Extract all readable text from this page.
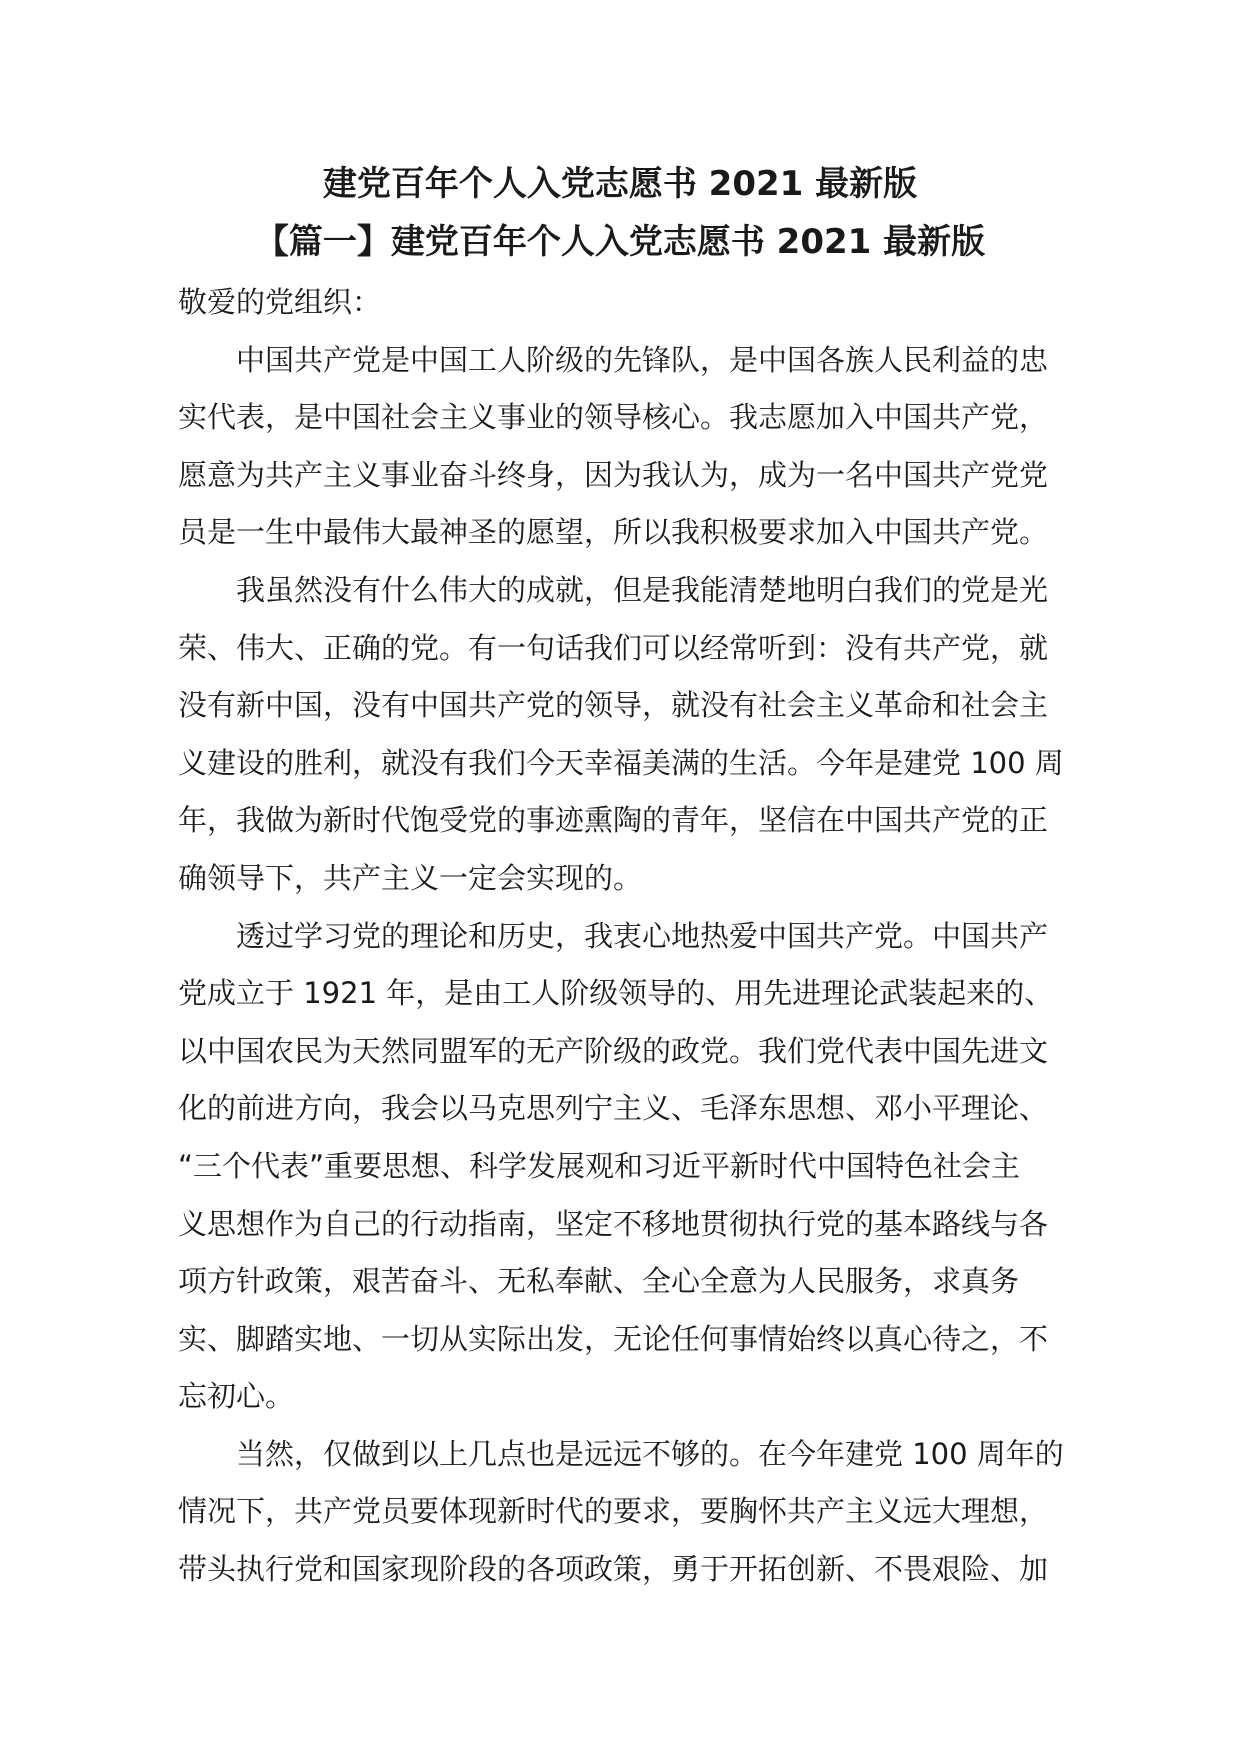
建党百年个人入党志愿书 2021 最新版
【篇一】建党百年个人入党志愿书 2021 最新版

敬爱的党组织：

中国共产党是中国工人阶级的先锋队，是中国各族人民利益的忠
实代表，是中国社会主义事业的领导核心。我志愿加入中国共产党，
愿意为共产主义事业奋斗终身，因为我认为，成为一名中国共产党党
员是一生中最伟大最神圣的愿望，所以我积极要求加入中国共产党。

我虽然没有什么伟大的成就，但是我能清楚地明白我们的党是光
荣、伟大、正确的党。有一句话我们可以经常听到：没有共产党，就
没有新中国，没有中国共产党的领导，就没有社会主义革命和社会主
义建设的胜利，就没有我们今天幸福美满的生活。今年是建党 100 周
年，我做为新时代饱受党的事迹熏陶的青年，坚信在中国共产党的正
确领导下，共产主义一定会实现的。

透过学习党的理论和历史，我衷心地热爱中国共产党。中国共产
党成立于 1921 年，是由工人阶级领导的、用先进理论武装起来的、
以中国农民为天然同盟军的无产阶级的政党。我们党代表中国先进文
化的前进方向，我会以马克思列宁主义、毛泽东思想、邓小平理论、
“三个代表”重要思想、科学发展观和习近平新时代中国特色社会主
义思想作为自己的行动指南，坚定不移地贯彻执行党的基本路线与各
项方针政策，艰苦奋斗、无私奉献、全心全意为人民服务，求真务
实、脚踏实地、一切从实际出发，无论任何事情始终以真心待之，不
忘初心。

当然，仅做到以上几点也是远远不够的。在今年建党 100 周年的
情况下，共产党员要体现新时代的要求，要胸怀共产主义远大理想，
带头执行党和国家现阶段的各项政策，勇于开拓创新、不畏艰险、加
